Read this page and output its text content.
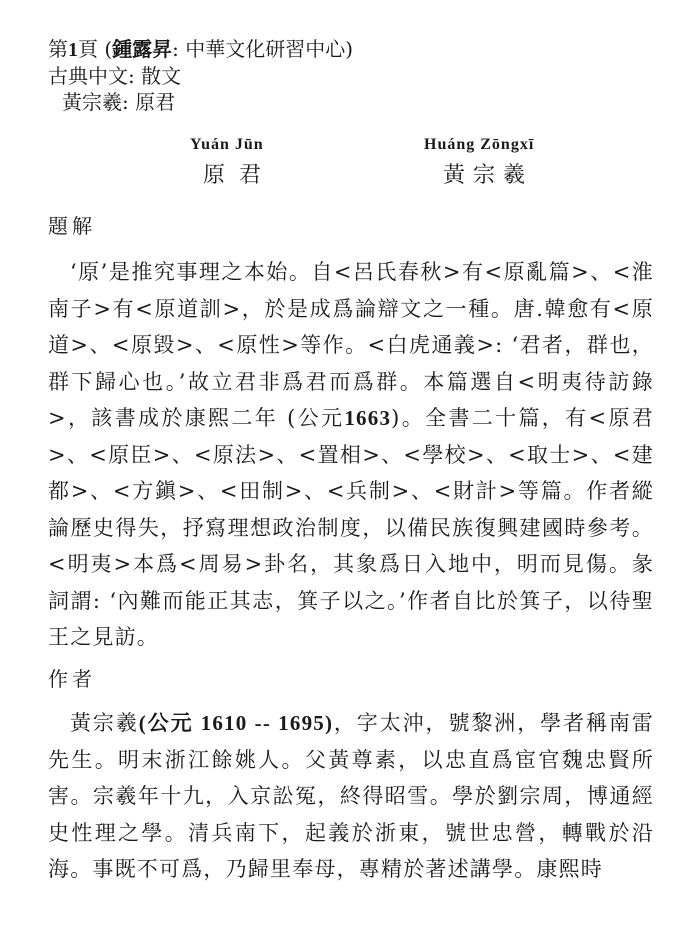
第1頁 (鍾露昇: 中華文化研習中心)
古典中文: 散文
黃宗羲: 原君
Yuán Jūn
原君
Huáng Zōngxī
黃宗羲
題解
‘原’是推究事理之本始。自<呂氏春秋>有<原亂篇>、<淮南子>有<原道訓>，於是成爲論辯文之一種。唐.韓愈有<原道>、<原毀>、<原性>等作。<白虎通義>: ‘君者，群也，群下歸心也。’故立君非爲君而爲群。本篇選自<明夷待訪錄>，該書成於康熙二年 (公元1663)。全書二十篇，有<原君>、<原臣>、<原法>、<置相>、<學校>、<取士>、<建都>、<方鎭>、<田制>、<兵制>、<財計>等篇。作者縱論歷史得失，抒寫理想政治制度，以備民族復興建國時參考。<明夷>本爲<周易>卦名，其象爲日入地中，明而見傷。彖詞謂: ‘內難而能正其志，箕子以之。’作者自比於箕子，以待聖王之見訪。
作者
黃宗羲(公元 1610 -- 1695)，字太沖，號黎洲，學者稱南雷先生。明末浙江餘姚人。父黃尊素，以忠直爲宦官魏忠賢所害。宗羲年十九，入京訟冤，終得昭雪。學於劉宗周，博通經史性理之學。清兵南下，起義於浙東，號世忠營，轉戰於沿海。事既不可爲，乃歸里奉母，專精於著述講學。康熙時
